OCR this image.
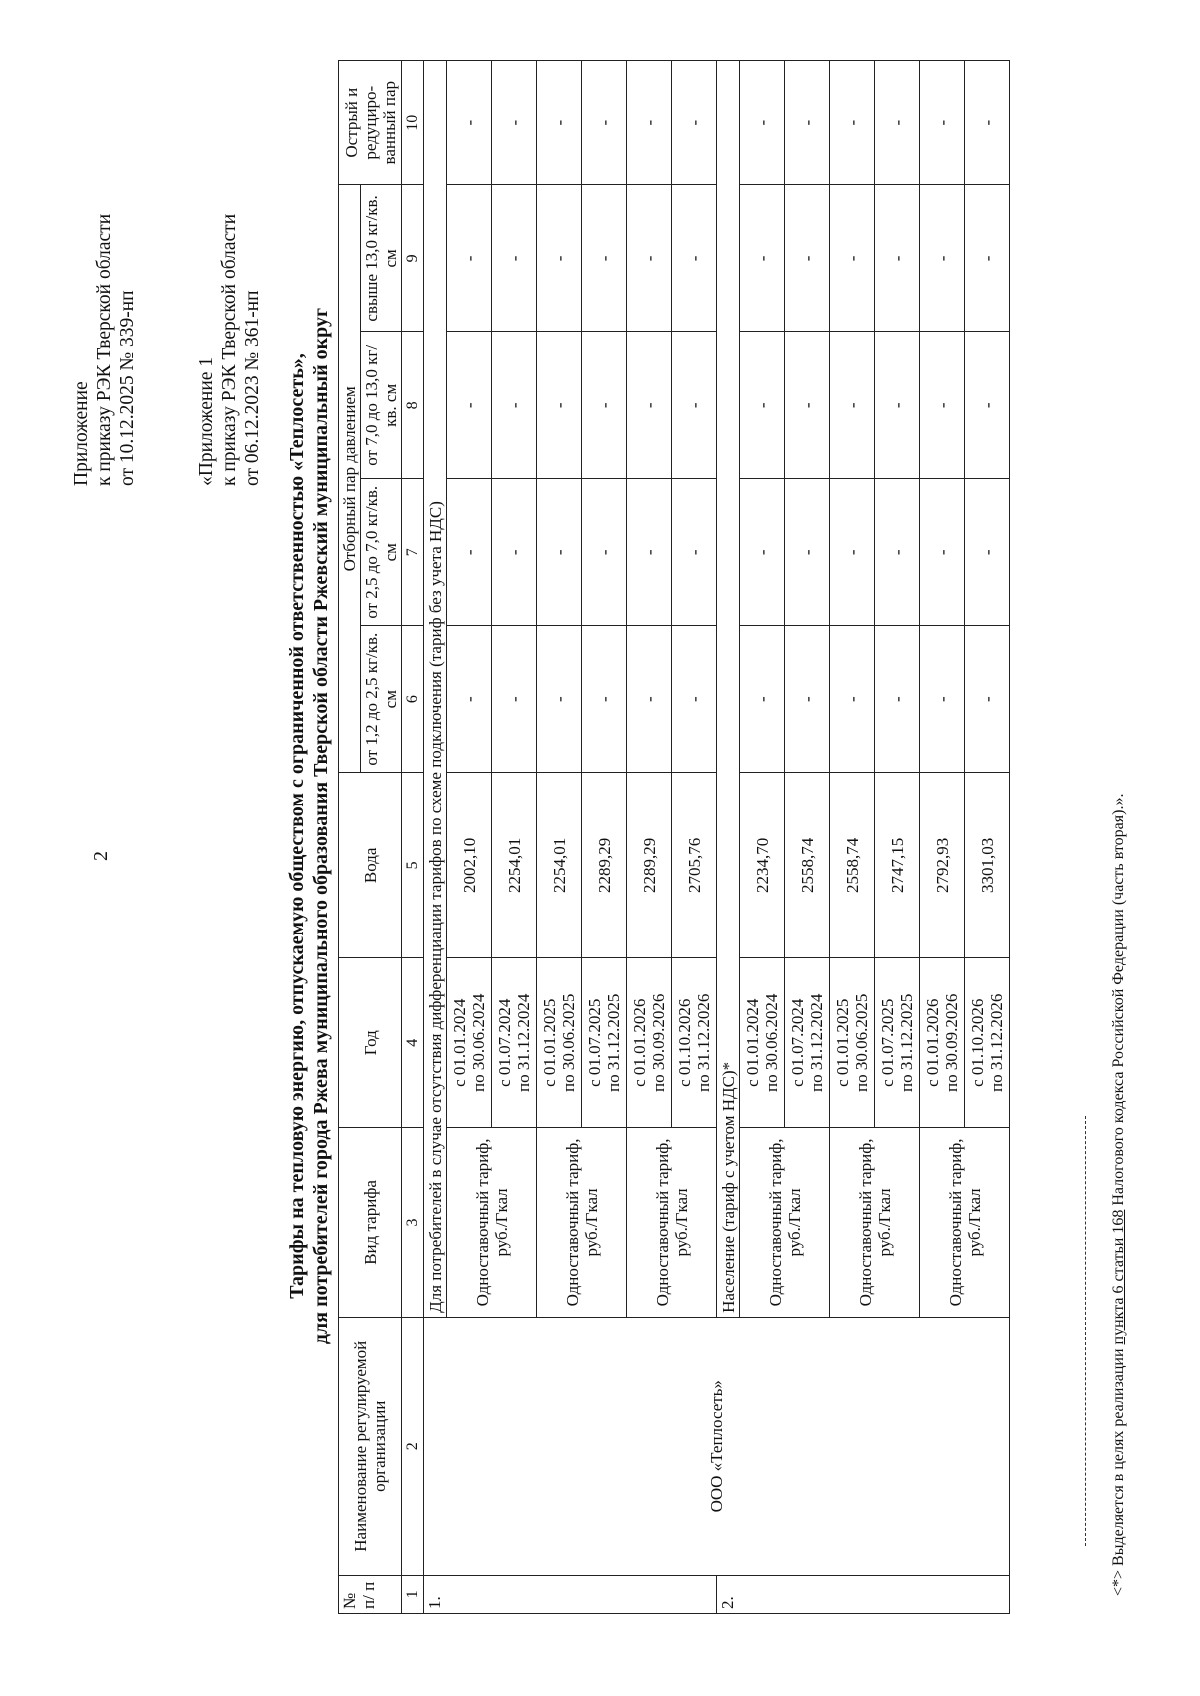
2
Приложение к приказу РЭК Тверской области от 10.12.2025 № 339-нп	«Приложение 1 к приказу РЭК Тверской области от 06.12.2023 № 361-нп Тарифы на тепловую энергию, отпускаемую обществом с ограниченной ответственностью «Теплосеть», для потребителей города Ржева муниципального образования Тверской области Ржевский муниципальный округ
№ п/ п	Наименование регулируемой организации	Вид тарифа	Год	Вода	Отборный пар давлением				Острый и редуциро-ванный пар
					от 1,2 до 2,5 кг/кв. см	от 2,5 до 7,0 кг/кв. см	от 7,0 до 13,0 кг/кв. см	свыше 13,0 кг/кв. см	
1	2	3	4	5	6	7	8	9	10
1.	ООО «Теплосеть»	Для потребителей в случае отсутствия дифференциации тарифов по схеме подключения (тариф без учета НДС)							
		Одноставочный тариф, руб./Гкал	с 01.01.2024 по 30.06.2024	2002,10	-	-	-	-	-

			с 01.07.2024 по 31.12.2024	2254,01	-	-	-	-	-
		Одноставочный тариф, руб./Гкал	с 01.01.2025 по 30.06.2025	2254,01	-	-	-	-	-

			с 01.07.2025 по 31.12.2025	2289,29	-	-	-	-	-
		Одноставочный тариф, руб./Гкал	с 01.01.2026 по 30.09.2026	2289,29	-	-	-	-	-

			с 01.10.2026 по 31.12.2026	2705,76	-	-	-	-	-
2.		Население (тариф с учетом НДС)*							
		Одноставочный тариф, руб./Гкал	с 01.01.2024 по 30.06.2024	2234,70	-	-	-	-	-

			с 01.07.2024 по 31.12.2024	2558,74	-	-	-	-	-
		Одноставочный тариф, руб./Гкал	с 01.01.2025 по 30.06.2025	2558,74	-	-	-	-	-

			с 01.07.2025 по 31.12.2025	2747,15	-	-	-	-	-
		Одноставочный тариф, руб./Гкал	с 01.01.2026 по 30.09.2026	2792,93	-	-	-	-	-

			с 01.10.2026 по 31.12.2026	3301,03	-	-	-	-	-
<*> Выделяется в целях реализации пункта 6 статьи 168 Налогового кодекса Российской Федерации (часть вторая).».
